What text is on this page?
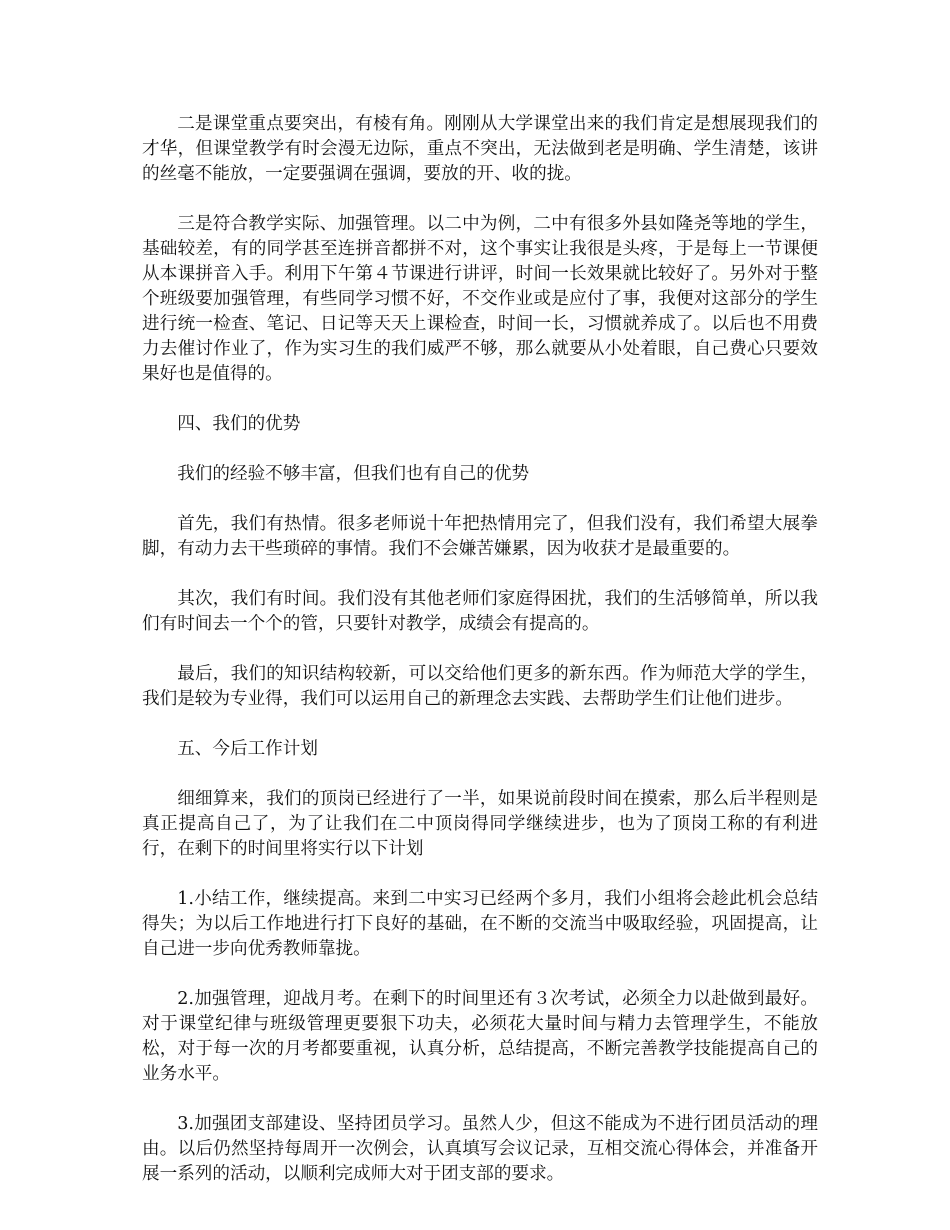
二是课堂重点要突出，有棱有角。刚刚从大学课堂出来的我们肯定是想展现我们的才华，但课堂教学有时会漫无边际，重点不突出，无法做到老是明确、学生清楚，该讲的丝毫不能放，一定要强调在强调，要放的开、收的拢。

三是符合教学实际、加强管理。以二中为例，二中有很多外县如隆尧等地的学生，基础较差，有的同学甚至连拼音都拼不对，这个事实让我很是头疼，于是每上一节课便从本课拼音入手。利用下午第４节课进行讲评，时间一长效果就比较好了。另外对于整个班级要加强管理，有些同学习惯不好，不交作业或是应付了事，我便对这部分的学生进行统一检查、笔记、日记等天天上课检查，时间一长，习惯就养成了。以后也不用费力去催讨作业了，作为实习生的我们威严不够，那么就要从小处着眼，自己费心只要效果好也是值得的。

四、我们的优势

我们的经验不够丰富，但我们也有自己的优势

首先，我们有热情。很多老师说十年把热情用完了，但我们没有，我们希望大展拳脚，有动力去干些琐碎的事情。我们不会嫌苦嫌累，因为收获才是最重要的。

其次，我们有时间。我们没有其他老师们家庭得困扰，我们的生活够简单，所以我们有时间去一个个的管，只要针对教学，成绩会有提高的。

最后，我们的知识结构较新，可以交给他们更多的新东西。作为师范大学的学生，我们是较为专业得，我们可以运用自己的新理念去实践、去帮助学生们让他们进步。

五、今后工作计划

细细算来，我们的顶岗已经进行了一半，如果说前段时间在摸索，那么后半程则是真正提高自己了，为了让我们在二中顶岗得同学继续进步，也为了顶岗工称的有利进行，在剩下的时间里将实行以下计划

1.小结工作，继续提高。来到二中实习已经两个多月，我们小组将会趁此机会总结得失；为以后工作地进行打下良好的基础，在不断的交流当中吸取经验，巩固提高，让自己进一步向优秀教师靠拢。

2.加强管理，迎战月考。在剩下的时间里还有３次考试，必须全力以赴做到最好。对于课堂纪律与班级管理更要狠下功夫，必须花大量时间与精力去管理学生，不能放松，对于每一次的月考都要重视，认真分析，总结提高，不断完善教学技能提高自己的业务水平。

3.加强团支部建设、坚持团员学习。虽然人少，但这不能成为不进行团员活动的理由。以后仍然坚持每周开一次例会，认真填写会议记录，互相交流心得体会，并准备开展一系列的活动，以顺利完成师大对于团支部的要求。
